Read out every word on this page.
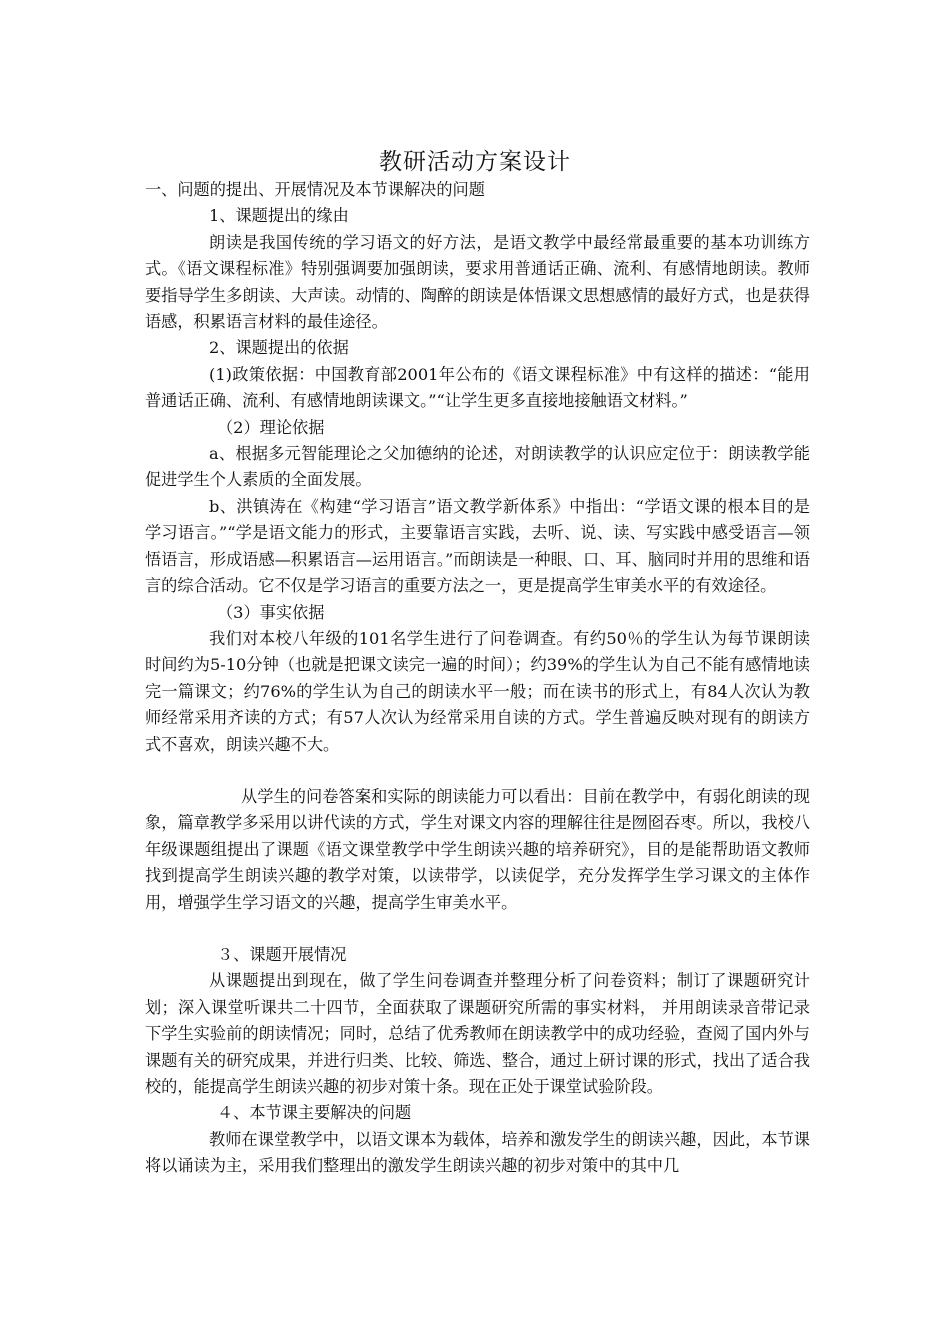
教研活动方案设计

一、问题的提出、开展情况及本节课解决的问题

1、课题提出的缘由

朗读是我国传统的学习语文的好方法，是语文教学中最经常最重要的基本功训练方式。《语文课程标准》特别强调要加强朗读，要求用普通话正确、流利、有感情地朗读。教师要指导学生多朗读、大声读。动情的、陶醉的朗读是体悟课文思想感情的最好方式，也是获得语感，积累语言材料的最佳途径。

2、课题提出的依据

(1)政策依据：中国教育部2001年公布的《语文课程标准》中有这样的描述：“能用普通话正确、流利、有感情地朗读课文。”“让学生更多直接地接触语文材料。”

（2）理论依据

a、根据多元智能理论之父加德纳的论述，对朗读教学的认识应定位于：朗读教学能促进学生个人素质的全面发展。

b、洪镇涛在《构建“学习语言”语文教学新体系》中指出：“学语文课的根本目的是学习语言。”“学是语文能力的形式，主要靠语言实践，去听、说、读、写实践中感受语言—领悟语言，形成语感—积累语言—运用语言。”而朗读是一种眼、口、耳、脑同时并用的思维和语言的综合活动。它不仅是学习语言的重要方法之一，更是提高学生审美水平的有效途径。

（3）事实依据

我们对本校八年级的101名学生进行了问卷调查。有约50％的学生认为每节课朗读时间约为5-10分钟（也就是把课文读完一遍的时间）；约39%的学生认为自己不能有感情地读完一篇课文；约76%的学生认为自己的朗读水平一般；而在读书的形式上，有84人次认为教师经常采用齐读的方式；有57人次认为经常采用自读的方式。学生普遍反映对现有的朗读方式不喜欢，朗读兴趣不大。

从学生的问卷答案和实际的朗读能力可以看出：目前在教学中，有弱化朗读的现象，篇章教学多采用以讲代读的方式，学生对课文内容的理解往往是囫囵吞枣。所以，我校八年级课题组提出了课题《语文课堂教学中学生朗读兴趣的培养研究》，目的是能帮助语文教师找到提高学生朗读兴趣的教学对策，以读带学，以读促学，充分发挥学生学习课文的主体作用，增强学生学习语文的兴趣，提高学生审美水平。

３、课题开展情况

从课题提出到现在，做了学生问卷调查并整理分析了问卷资料；制订了课题研究计划；深入课堂听课共二十四节，全面获取了课题研究所需的事实材料， 并用朗读录音带记录下学生实验前的朗读情况；同时，总结了优秀教师在朗读教学中的成功经验，查阅了国内外与课题有关的研究成果，并进行归类、比较、筛选、整合，通过上研讨课的形式，找出了适合我校的，能提高学生朗读兴趣的初步对策十条。现在正处于课堂试验阶段。

４、本节课主要解决的问题

教师在课堂教学中，以语文课本为载体，培养和激发学生的朗读兴趣，因此，本节课将以诵读为主，采用我们整理出的激发学生朗读兴趣的初步对策中的其中几
